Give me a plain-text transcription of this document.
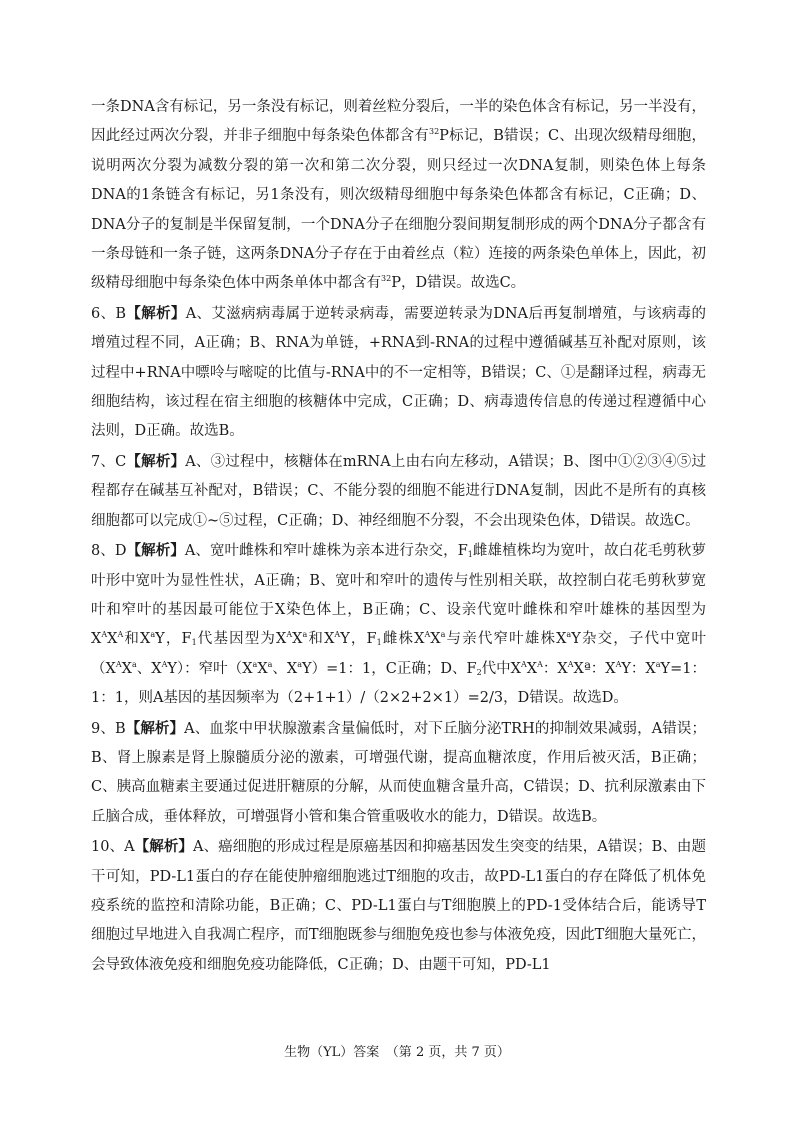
一条DNA含有标记，另一条没有标记，则着丝粒分裂后，一半的染色体含有标记，另一半没有，因此经过两次分裂，并非子细胞中每条染色体都含有$^{32}$P标记，B错误；C、出现次级精母细胞，说明两次分裂为减数分裂的第一次和第二次分裂，则只经过一次DNA复制，则染色体上每条DNA的1条链含有标记，另1条没有，则次级精母细胞中每条染色体都含有标记，C正确；D、DNA分子的复制是半保留复制，一个DNA分子在细胞分裂间期复制形成的两个DNA分子都含有一条母链和一条子链，这两条DNA分子存在于由着丝点（粒）连接的两条染色单体上，因此，初级精母细胞中每条染色体中两条单体中都含有$^{32}$P，D错误。故选C。

6、B【解析】A、艾滋病病毒属于逆转录病毒，需要逆转录为DNA后再复制增殖，与该病毒的增殖过程不同，A正确；B、RNA为单链，+RNA到-RNA的过程中遵循碱基互补配对原则，该过程中+RNA中嘌呤与嘧啶的比值与-RNA中的不一定相等，B错误；C、①是翻译过程，病毒无细胞结构，该过程在宿主细胞的核糖体中完成，C正确；D、病毒遗传信息的传递过程遵循中心法则，D正确。故选B。

7、C【解析】A、③过程中，核糖体在mRNA上由右向左移动，A错误；B、图中①②③④⑤过程都存在碱基互补配对，B错误；C、不能分裂的细胞不能进行DNA复制，因此不是所有的真核细胞都可以完成①~⑤过程，C正确；D、神经细胞不分裂，不会出现染色体，D错误。故选C。

8、D【解析】A、宽叶雌株和窄叶雄株为亲本进行杂交，$F_1$雌雄植株均为宽叶，故白花毛剪秋萝叶形中宽叶为显性性状，A正确；B、宽叶和窄叶的遗传与性别相关联，故控制白花毛剪秋萝宽叶和窄叶的基因最可能位于X染色体上，B正确；C、设亲代宽叶雌株和窄叶雄株的基因型为$X^AX^A$和$X^aY$，$F_1$代基因型为$X^AX^a$和$X^AY$，$F_1$雌株$X^AX^a$与亲代窄叶雄株$X^aY$杂交，子代中宽叶（$X^AX^a$、$X^AY$）：窄叶（$X^aX^a$、$X^aY)=1$：1，C正确；D、$F_2$代中$X^AX^A$：$X^AXª$：$X^AY$：$X^aY=1$：1：1，则A基因的基因频率为（2+1+1）/（2×2+2×1）=2/3，D错误。故选D。

9、B【解析】A、血浆中甲状腺激素含量偏低时，对下丘脑分泌TRH的抑制效果减弱，A错误；B、肾上腺素是肾上腺髓质分泌的激素，可增强代谢，提高血糖浓度，作用后被灭活，B正确；C、胰高血糖素主要通过促进肝糖原的分解，从而使血糖含量升高，C错误；D、抗利尿激素由下丘脑合成，垂体释放，可增强肾小管和集合管重吸收水的能力，D错误。故选B。

10、A【解析】A、癌细胞的形成过程是原癌基因和抑癌基因发生突变的结果，A错误；B、由题干可知，PD-L1蛋白的存在能使肿瘤细胞逃过T细胞的攻击，故PD-L1蛋白的存在降低了机体免疫系统的监控和清除功能，B正确；C、PD-L1蛋白与T细胞膜上的PD-1受体结合后，能诱导T细胞过早地进入自我凋亡程序，而T细胞既参与细胞免疫也参与体液免疫，因此T细胞大量死亡，会导致体液免疫和细胞免疫功能降低，C正确；D、由题干可知，PD-L1

生物（YL）答案　（第 2 页，共 7 页）
